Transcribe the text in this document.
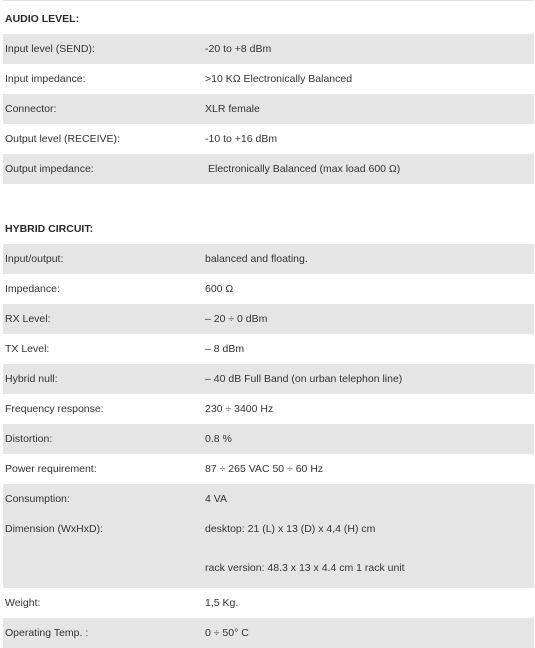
AUDIO LEVEL:
Input level (SEND):	-20 to +8 dBm
Input impedance:	>10 KΩ Electronically Balanced
Connector:	XLR female
Output level (RECEIVE):	-10 to +16 dBm
Output impedance:	Electronically Balanced (max load 600 Ω)
HYBRID CIRCUIT:
Input/output:	balanced and floating.
Impedance:	600 Ω
RX Level:	– 20 ÷ 0 dBm
TX Level:	– 8 dBm
Hybrid null:	– 40 dB Full Band (on urban telephon line)
Frequency response:	230 ÷ 3400 Hz
Distortion:	0.8 %
Power requirement:	87 ÷ 265 VAC 50 ÷ 60 Hz
Consumption:	4 VA
Dimension (WxHxD):	desktop: 21 (L) x 13 (D) x 4,4 (H) cm
rack version: 48.3 x 13 x 4.4 cm 1 rack unit
Weight:	1,5 Kg.
Operating Temp. :	0 ÷ 50° C
